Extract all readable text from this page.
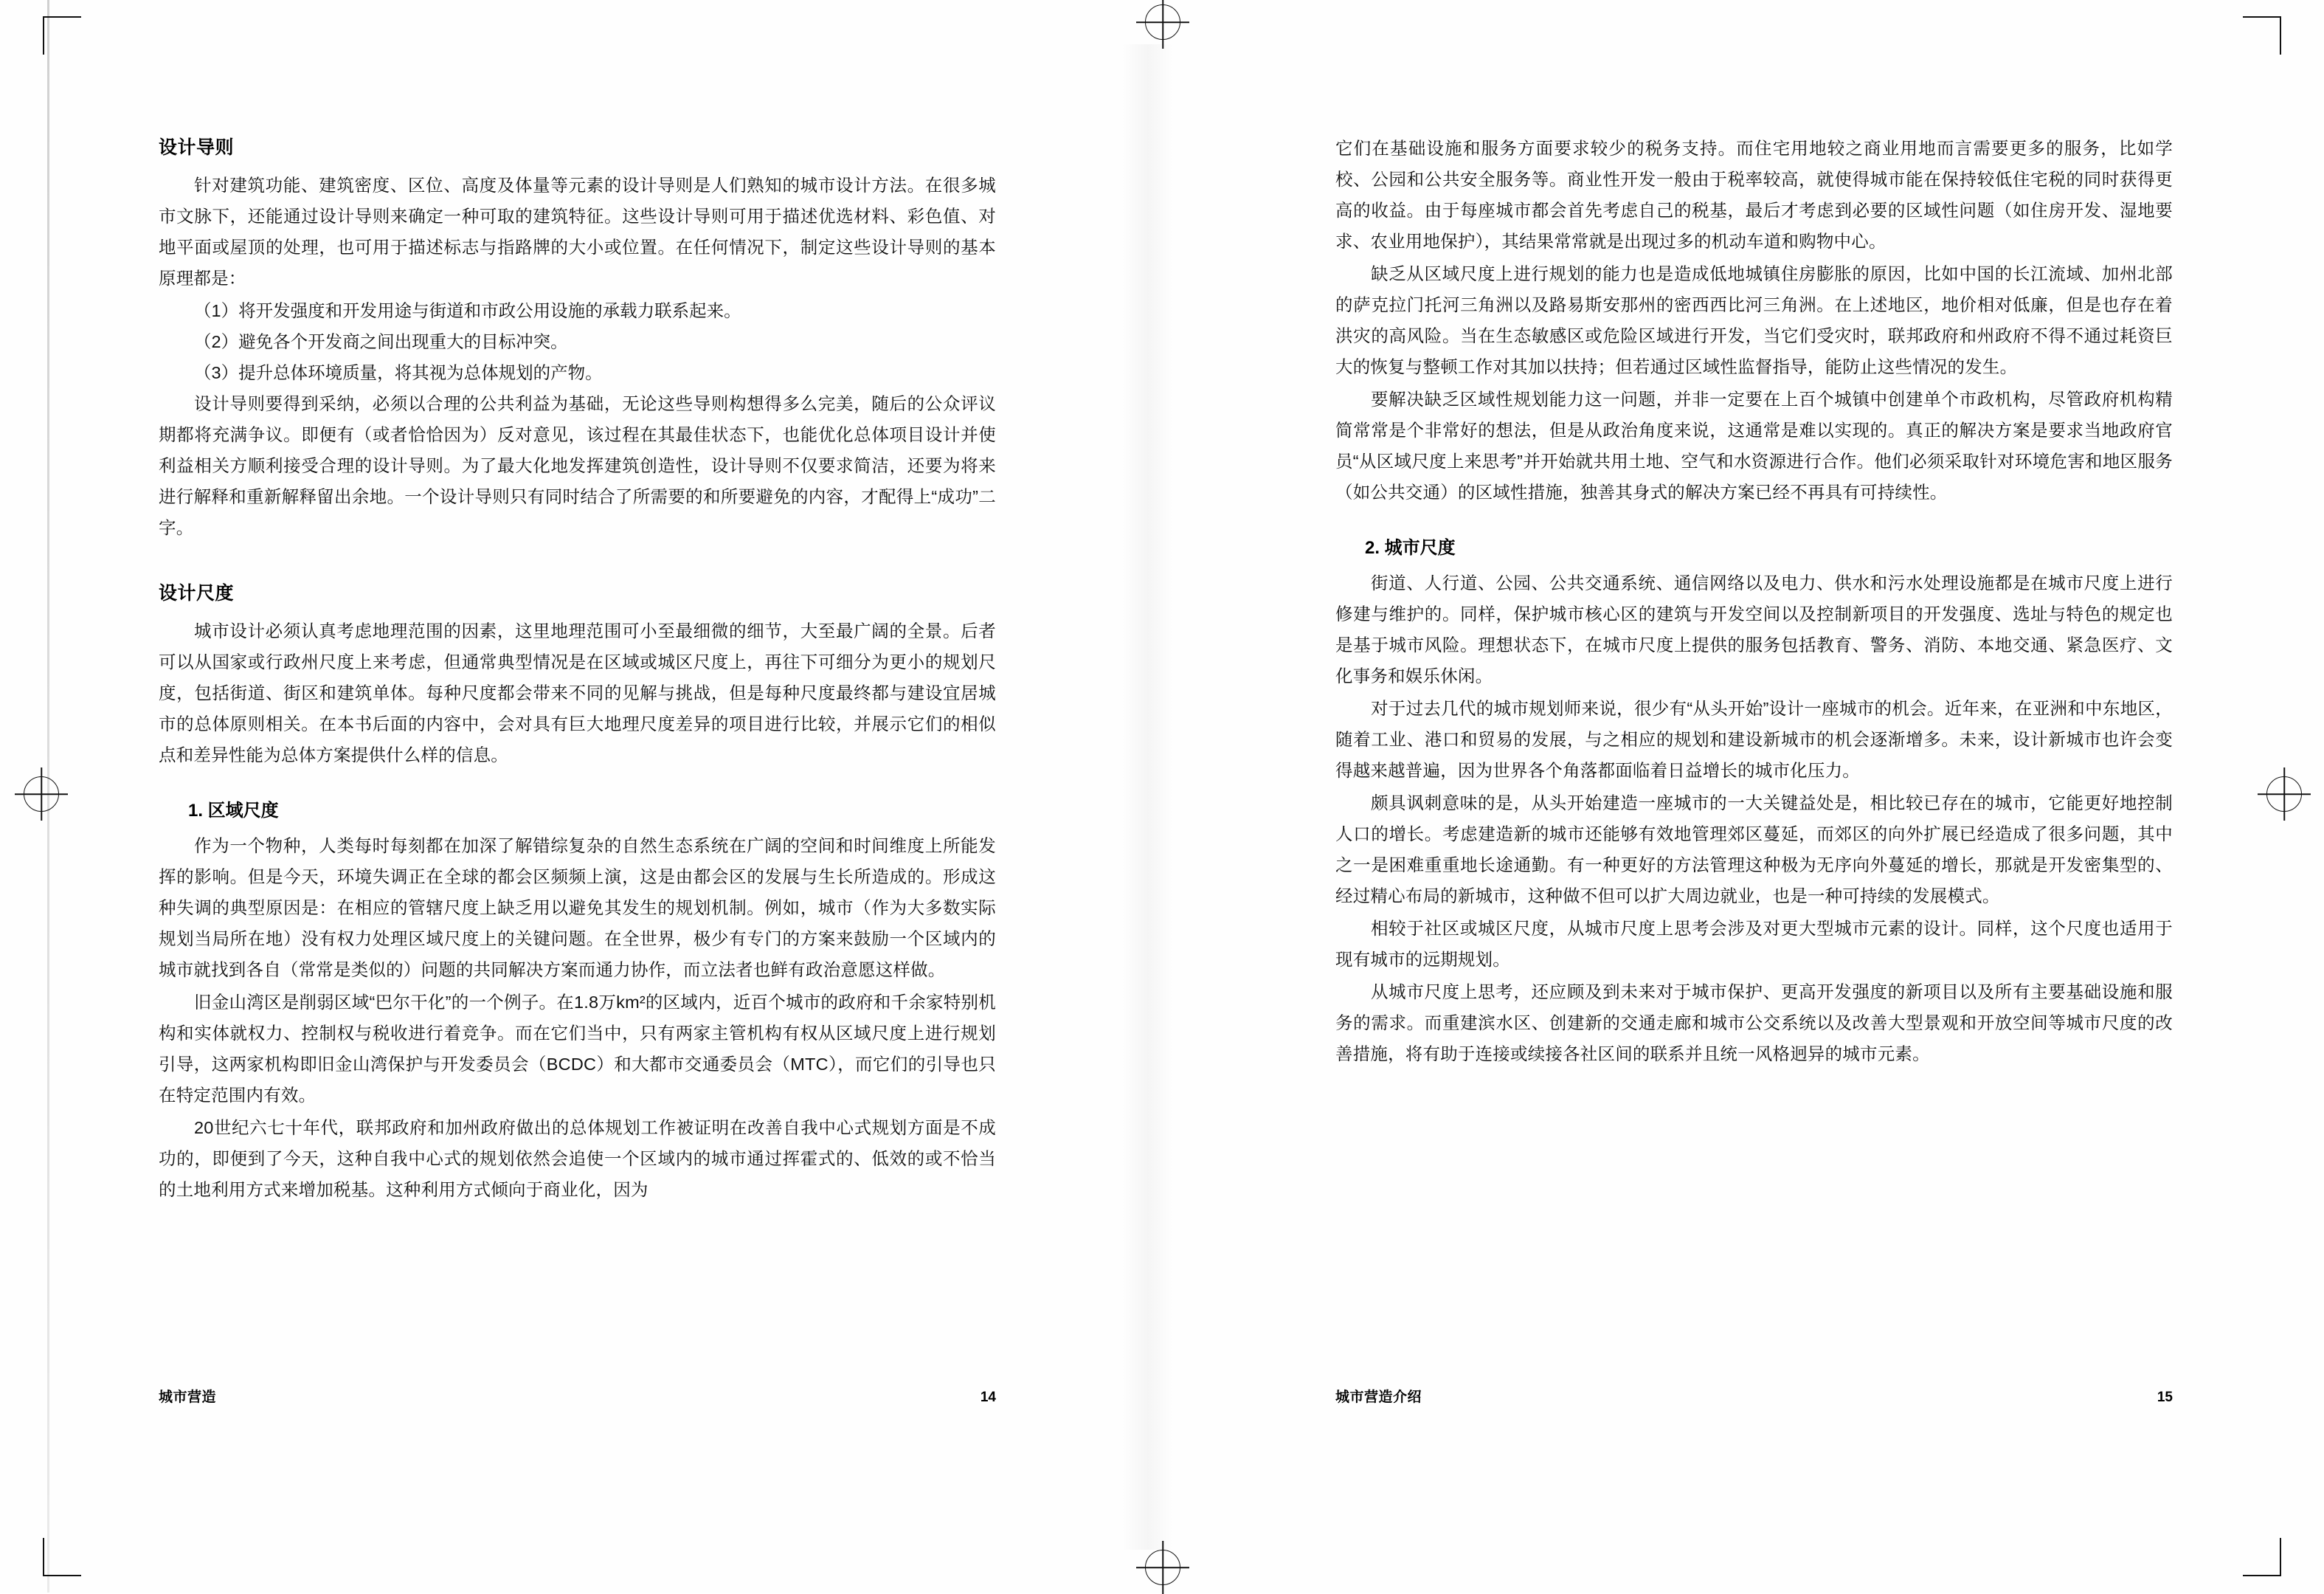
设计导则

针对建筑功能、建筑密度、区位、高度及体量等元素的设计导则是人们熟知的城市设计方法。在很多城市文脉下，还能通过设计导则来确定一种可取的建筑特征。这些设计导则可用于描述优选材料、彩色值、对地平面或屋顶的处理，也可用于描述标志与指路牌的大小或位置。在任何情况下，制定这些设计导则的基本原理都是：

（1）将开发强度和开发用途与街道和市政公用设施的承载力联系起来。

（2）避免各个开发商之间出现重大的目标冲突。

（3）提升总体环境质量，将其视为总体规划的产物。

设计导则要得到采纳，必须以合理的公共利益为基础，无论这些导则构想得多么完美，随后的公众评议期都将充满争议。即便有（或者恰恰因为）反对意见，该过程在其最佳状态下，也能优化总体项目设计并使利益相关方顺利接受合理的设计导则。为了最大化地发挥建筑创造性，设计导则不仅要求简洁，还要为将来进行解释和重新解释留出余地。一个设计导则只有同时结合了所需要的和所要避免的内容，才配得上“成功”二字。

设计尺度

城市设计必须认真考虑地理范围的因素，这里地理范围可小至最细微的细节，大至最广阔的全景。后者可以从国家或行政州尺度上来考虑，但通常典型情况是在区域或城区尺度上，再往下可细分为更小的规划尺度，包括街道、街区和建筑单体。每种尺度都会带来不同的见解与挑战，但是每种尺度最终都与建设宜居城市的总体原则相关。在本书后面的内容中，会对具有巨大地理尺度差异的项目进行比较，并展示它们的相似点和差异性能为总体方案提供什么样的信息。

1. 区域尺度

作为一个物种，人类每时每刻都在加深了解错综复杂的自然生态系统在广阔的空间和时间维度上所能发挥的影响。但是今天，环境失调正在全球的都会区频频上演，这是由都会区的发展与生长所造成的。形成这种失调的典型原因是：在相应的管辖尺度上缺乏用以避免其发生的规划机制。例如，城市（作为大多数实际规划当局所在地）没有权力处理区域尺度上的关键问题。在全世界，极少有专门的方案来鼓励一个区域内的城市就找到各自（常常是类似的）问题的共同解决方案而通力协作，而立法者也鲜有政治意愿这样做。

旧金山湾区是削弱区域“巴尔干化”的一个例子。在1.8万km²的区域内，近百个城市的政府和千余家特别机构和实体就权力、控制权与税收进行着竞争。而在它们当中，只有两家主管机构有权从区域尺度上进行规划引导，这两家机构即旧金山湾保护与开发委员会（BCDC）和大都市交通委员会（MTC），而它们的引导也只在特定范围内有效。

20世纪六七十年代，联邦政府和加州政府做出的总体规划工作被证明在改善自我中心式规划方面是不成功的，即便到了今天，这种自我中心式的规划依然会追使一个区域内的城市通过挥霍式的、低效的或不恰当的土地利用方式来增加税基。这种利用方式倾向于商业化，因为

它们在基础设施和服务方面要求较少的税务支持。而住宅用地较之商业用地而言需要更多的服务，比如学校、公园和公共安全服务等。商业性开发一般由于税率较高，就使得城市能在保持较低住宅税的同时获得更高的收益。由于每座城市都会首先考虑自己的税基，最后才考虑到必要的区域性问题（如住房开发、湿地要求、农业用地保护），其结果常常就是出现过多的机动车道和购物中心。

缺乏从区域尺度上进行规划的能力也是造成低地城镇住房膨胀的原因，比如中国的长江流域、加州北部的萨克拉门托河三角洲以及路易斯安那州的密西西比河三角洲。在上述地区，地价相对低廉，但是也存在着洪灾的高风险。当在生态敏感区或危险区域进行开发，当它们受灾时，联邦政府和州政府不得不通过耗资巨大的恢复与整顿工作对其加以扶持；但若通过区域性监督指导，能防止这些情况的发生。

要解决缺乏区域性规划能力这一问题，并非一定要在上百个城镇中创建单个市政机构，尽管政府机构精简常常是个非常好的想法，但是从政治角度来说，这通常是难以实现的。真正的解决方案是要求当地政府官员“从区域尺度上来思考”并开始就共用土地、空气和水资源进行合作。他们必须采取针对环境危害和地区服务（如公共交通）的区域性措施，独善其身式的解决方案已经不再具有可持续性。

2. 城市尺度

街道、人行道、公园、公共交通系统、通信网络以及电力、供水和污水处理设施都是在城市尺度上进行修建与维护的。同样，保护城市核心区的建筑与开发空间以及控制新项目的开发强度、选址与特色的规定也是基于城市风险。理想状态下，在城市尺度上提供的服务包括教育、警务、消防、本地交通、紧急医疗、文化事务和娱乐休闲。

对于过去几代的城市规划师来说，很少有“从头开始”设计一座城市的机会。近年来，在亚洲和中东地区，随着工业、港口和贸易的发展，与之相应的规划和建设新城市的机会逐渐增多。未来，设计新城市也许会变得越来越普遍，因为世界各个角落都面临着日益增长的城市化压力。

颇具讽刺意味的是，从头开始建造一座城市的一大关键益处是，相比较已存在的城市，它能更好地控制人口的增长。考虑建造新的城市还能够有效地管理郊区蔓延，而郊区的向外扩展已经造成了很多问题，其中之一是困难重重地长途通勤。有一种更好的方法管理这种极为无序向外蔓延的增长，那就是开发密集型的、经过精心布局的新城市，这种做不但可以扩大周边就业，也是一种可持续的发展模式。

相较于社区或城区尺度，从城市尺度上思考会涉及对更大型城市元素的设计。同样，这个尺度也适用于现有城市的远期规划。

从城市尺度上思考，还应顾及到未来对于城市保护、更高开发强度的新项目以及所有主要基础设施和服务的需求。而重建滨水区、创建新的交通走廊和城市公交系统以及改善大型景观和开放空间等城市尺度的改善措施，将有助于连接或续接各社区间的联系并且统一风格迥异的城市元素。

城市营造	14	城市营造介绍	15
